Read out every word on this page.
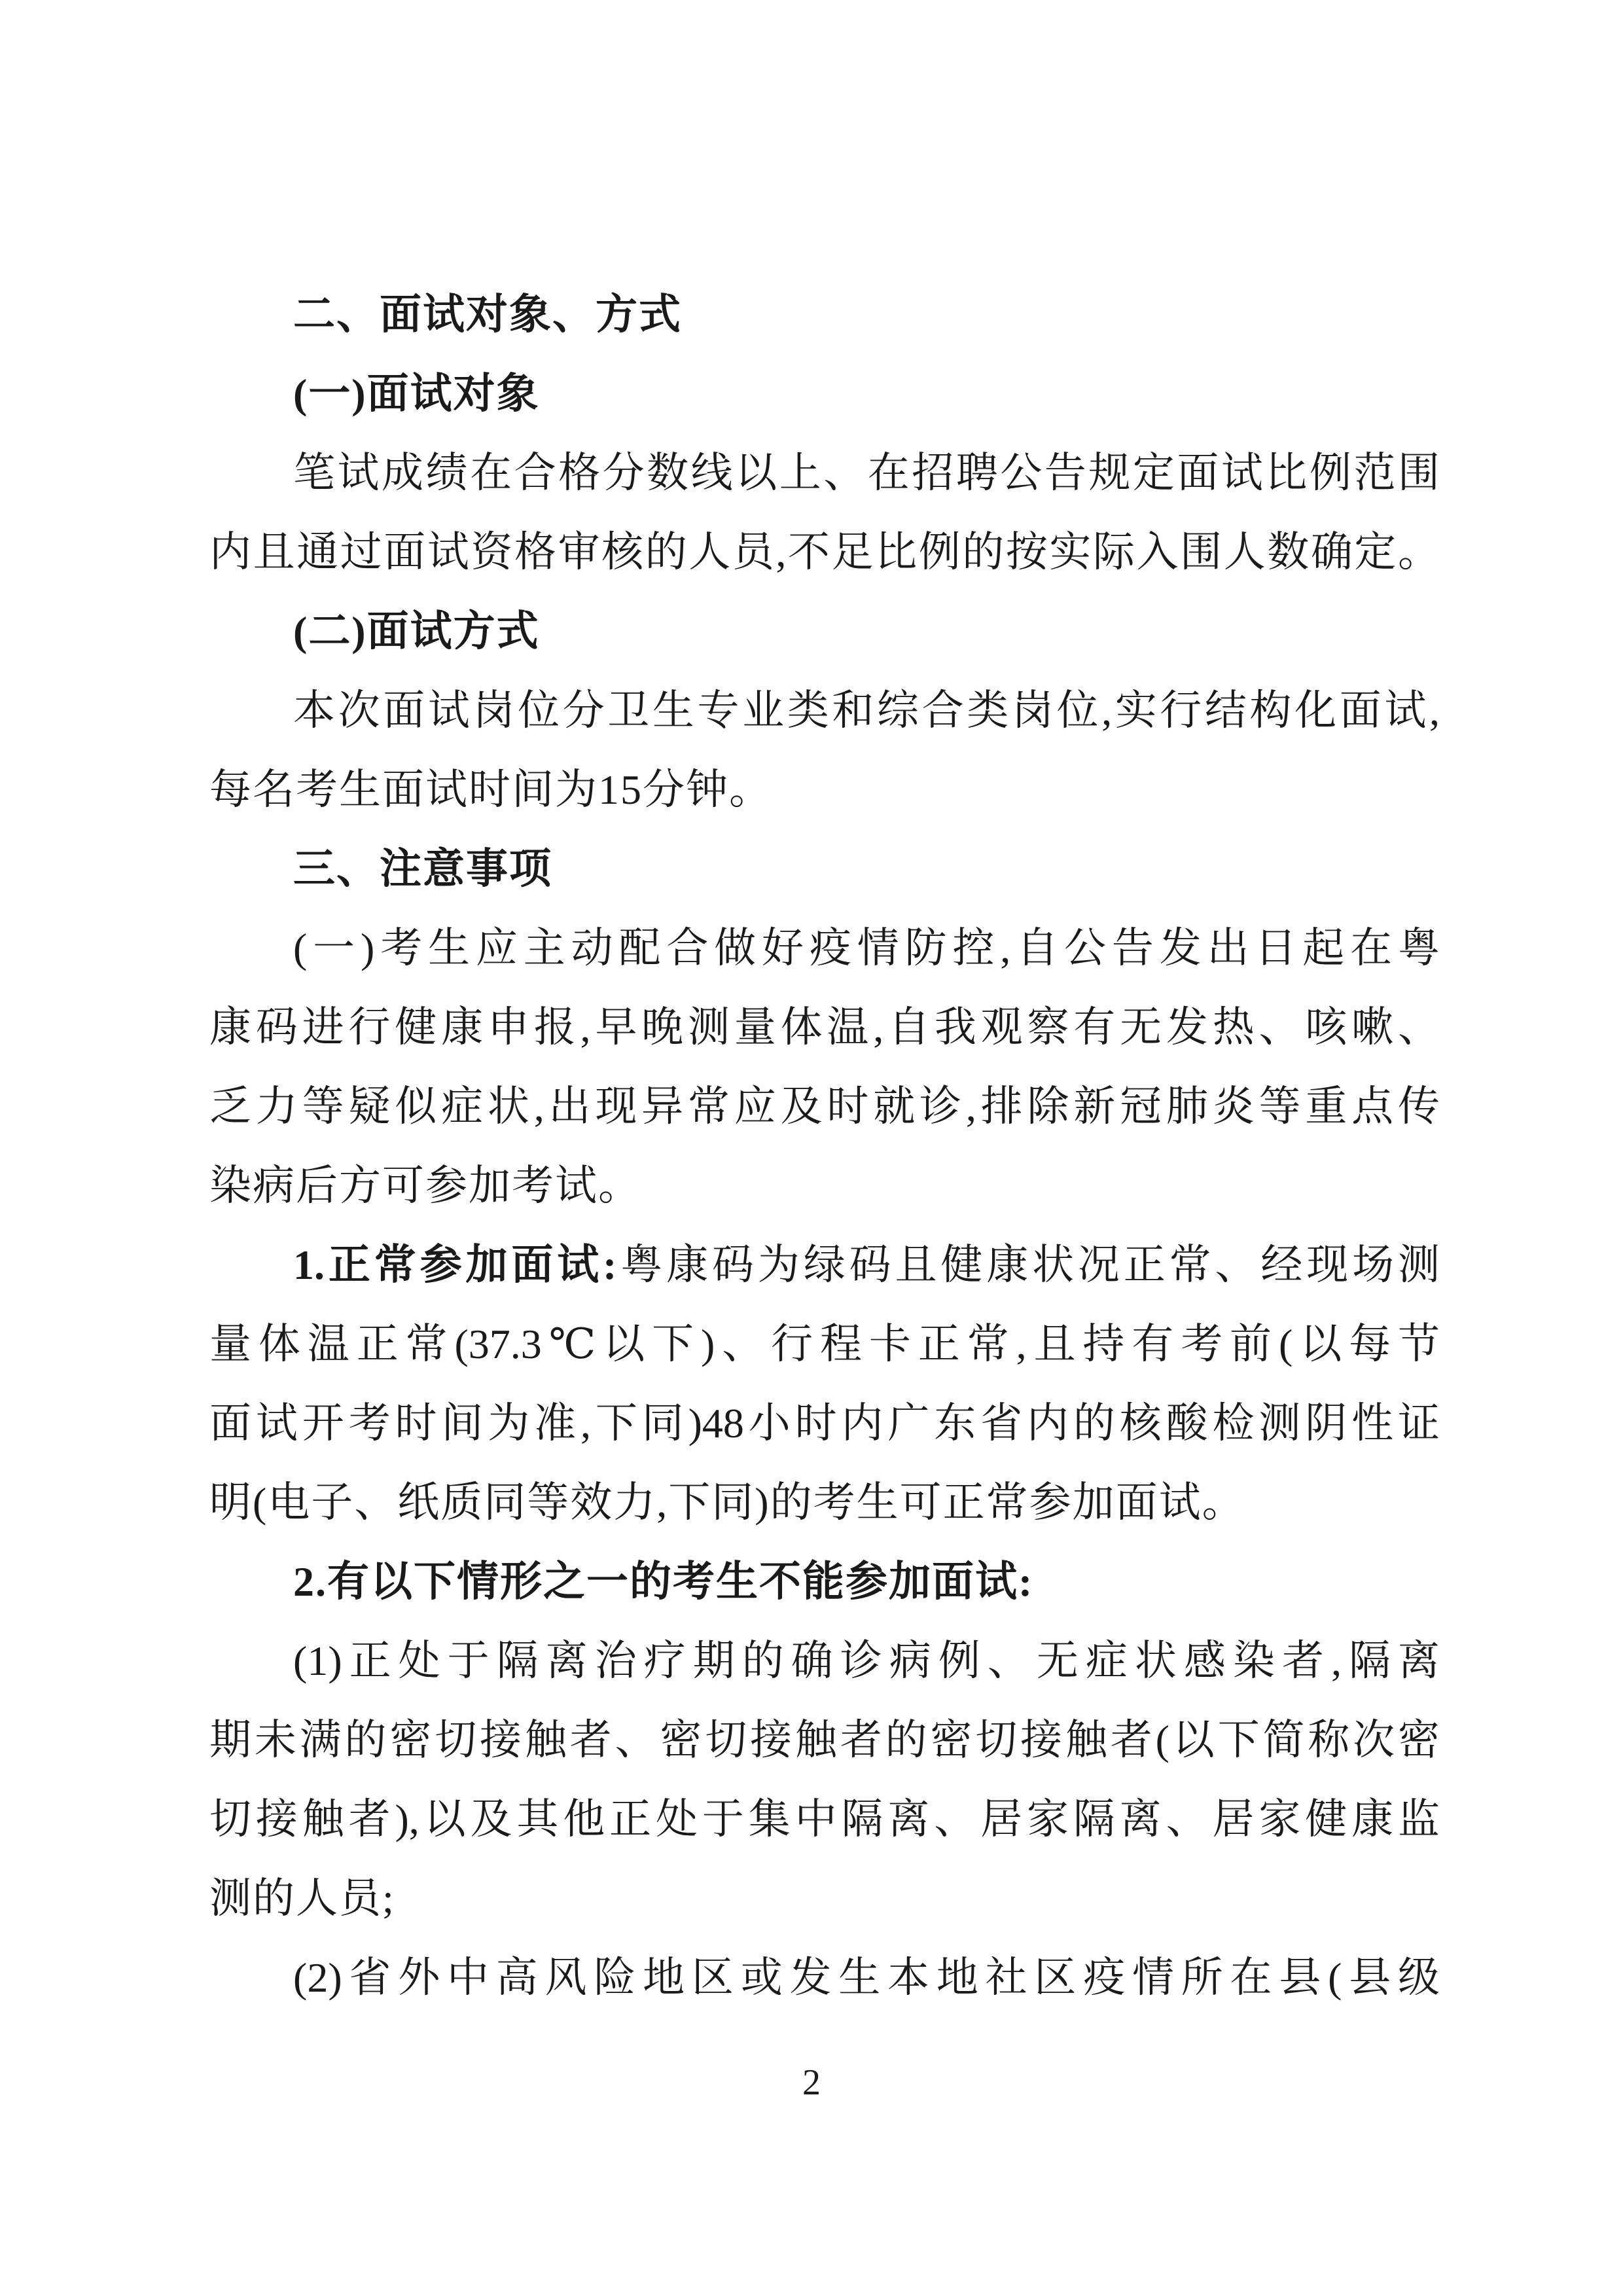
二、面试对象、方式
(一)面试对象
笔试成绩在合格分数线以上、在招聘公告规定面试比例范围
内且通过面试资格审核的人员,不足比例的按实际入围人数确定。
(二)面试方式
本次面试岗位分卫生专业类和综合类岗位,实行结构化面试,
每名考生面试时间为15分钟。
三、注意事项
(一)考生应主动配合做好疫情防控,自公告发出日起在粤
康码进行健康申报,早晚测量体温,自我观察有无发热、咳嗽、
乏力等疑似症状,出现异常应及时就诊,排除新冠肺炎等重点传
染病后方可参加考试。
1.正常参加面试:粤康码为绿码且健康状况正常、经现场测
量体温正常(37.3℃以下)、行程卡正常,且持有考前(以每节
面试开考时间为准,下同)48小时内广东省内的核酸检测阴性证
明(电子、纸质同等效力,下同)的考生可正常参加面试。
2.有以下情形之一的考生不能参加面试:
(1)正处于隔离治疗期的确诊病例、无症状感染者,隔离
期未满的密切接触者、密切接触者的密切接触者(以下简称次密
切接触者),以及其他正处于集中隔离、居家隔离、居家健康监
测的人员;
(2)省外中高风险地区或发生本地社区疫情所在县(县级
2
